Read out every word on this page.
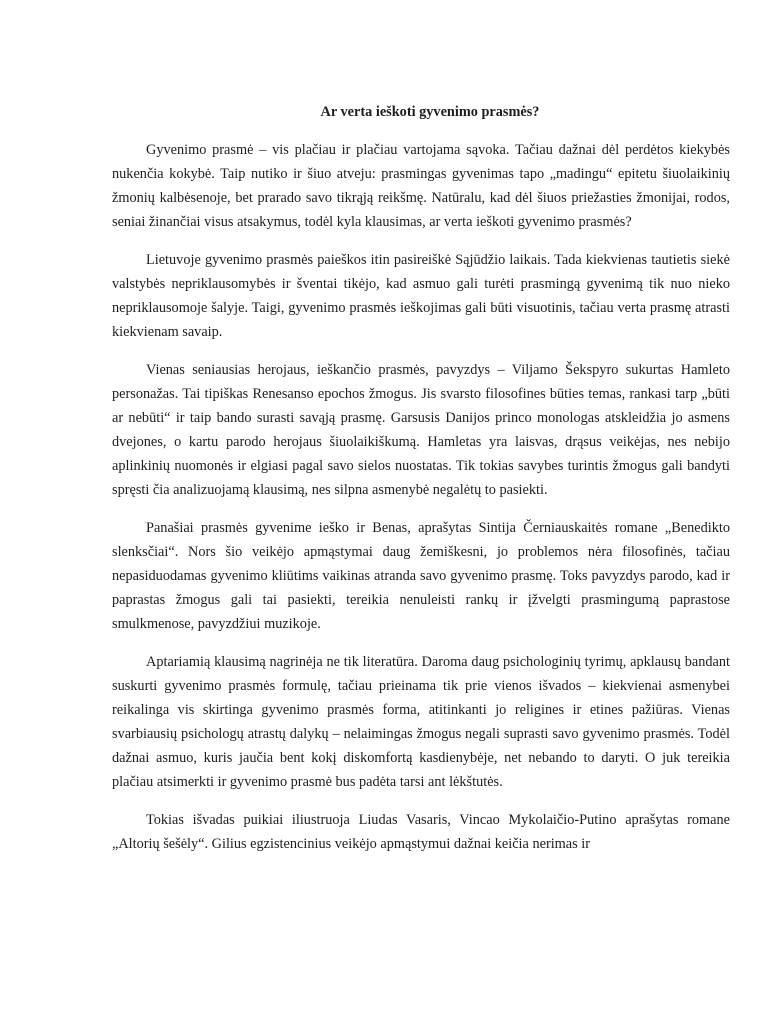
Ar verta ieškoti gyvenimo prasmės?

Gyvenimo prasmė – vis plačiau ir plačiau vartojama sąvoka. Tačiau dažnai dėl perdėtos kiekybės nukenčia kokybė. Taip nutiko ir šiuo atveju: prasmingas gyvenimas tapo „madingu“ epitetu šiuolaikinių žmonių kalbėsenoje, bet prarado savo tikrąją reikšmę. Natūralu, kad dėl šiuos priežasties žmonijai, rodos, seniai žinančiai visus atsakymus, todėl kyla klausimas, ar verta ieškoti gyvenimo prasmės?

Lietuvoje gyvenimo prasmės paieškos itin pasireiškė Sąjūdžio laikais. Tada kiekvienas tautietis siekė valstybės nepriklausomybės ir šventai tikėjo, kad asmuo gali turėti prasmingą gyvenimą tik nuo nieko nepriklausomoje šalyje. Taigi, gyvenimo prasmės ieškojimas gali būti visuotinis, tačiau verta prasmę atrasti kiekvienam savaip.

Vienas seniausias herojaus, ieškančio prasmės, pavyzdys – Viljamo Šekspyro sukurtas Hamleto personažas. Tai tipiškas Renesanso epochos žmogus. Jis svarsto filosofines būties temas, rankasi tarp „būti ar nebūti“ ir taip bando surasti savąją prasmę. Garsusis Danijos princo monologas atskleidžia jo asmens dvejones, o kartu parodo herojaus šiuolaikiškumą. Hamletas yra laisvas, drąsus veikėjas, nes nebijo aplinkinių nuomonės ir elgiasi pagal savo sielos nuostatas. Tik tokias savybes turintis žmogus gali bandyti spręsti čia analizuojamą klausimą, nes silpna asmenybė negalėtų to pasiekti.

Panašiai prasmės gyvenime ieško ir Benas, aprašytas Sintija Černiauskaitės romane „Benedikto slenksčiai“. Nors šio veikėjo apmąstymai daug žemiškesni, jo problemos nėra filosofinės, tačiau nepasiduodamas gyvenimo kliūtims vaikinas atranda savo gyvenimo prasmę. Toks pavyzdys parodo, kad ir paprastas žmogus gali tai pasiekti, tereikia nenuleisti rankų ir įžvelgti prasmingumą paprastose smulkmenose, pavyzdžiui muzikoje.

Aptariamią klausimą nagrinėja ne tik literatūra. Daroma daug psichologinių tyrimų, apklausų bandant suskurti gyvenimo prasmės formulę, tačiau prieinama tik prie vienos išvados – kiekvienai asmenybei reikalinga vis skirtinga gyvenimo prasmės forma, atitinkanti jo religines ir etines pažiūras. Vienas svarbiausių psichologų atrastų dalykų – nelaimingas žmogus negali suprasti savo gyvenimo prasmės. Todėl dažnai asmuo, kuris jaučia bent kokį diskomfortą kasdienybėje, net nebando to daryti. O juk tereikia plačiau atsimerkti ir gyvenimo prasmė bus padėta tarsi ant lėkštutės.

Tokias išvadas puikiai iliustruoja Liudas Vasaris, Vincao Mykolaičio-Putino aprašytas romane „Altorių šešėly“. Gilius egzistencinius veikėjo apmąstymui dažnai keičia nerimas ir
